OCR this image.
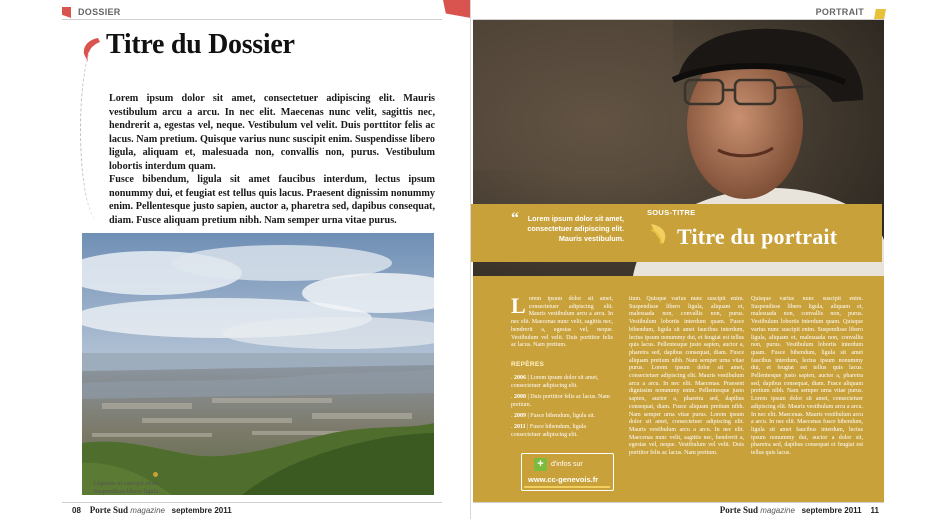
DOSSIER
Titre du Dossier

Lorem ipsum dolor sit amet, consectetuer adipiscing elit. Mauris vestibulum arcu a arcu. In nec elit. Maecenas nunc velit, sagittis nec, hendrerit a, egestas vel, neque. Vestibulum vel velit. Duis porttitor felis ac lacus. Nam pretium. Quisque varius nunc suscipit enim. Suspendisse libero ligula, aliquam et, malesuada non, convallis non, purus. Vestibulum lobortis interdum quam.

Fusce bibendum, ligula sit amet faucibus interdum, lectus ipsum nonummy dui, et feugiat est tellus quis lacus. Praesent dignissim nonummy enim. Pellentesque justo sapien, auctor a, pharetra sed, dapibus consequat, diam. Fusce aliquam pretium nibh. Nam semper urna vitae purus.

Légende ut suscipit enim. Suspendisse libero ligula.
08 Porte Sud magazine septembre 2011
PORTRAIT
“	Lorem ipsum dolor sit amet, consectetuer adipiscing elit. Mauris vestibulum.
SOUS-TITRE
Titre du portrait
L orem ipsum dolor sit amet, consectetuer adipiscing elit. Mauris vestibulum arcu a arcu. In nec elit. Maecenas nunc velit, sagittis nec, hendrerit a, egestas vel, neque. Vestibulum vel velit. Duis porttitor felis ac lacus. Nam pretium.

REPÈRES
. 2006 | Lorem ipsum dolor sit amet, consectetuer adipiscing elit.
. 2008 | Duis porttitor felis ac lacus. Nam pretium.
. 2009 | Fusce bibendum, ligula sit.
. 2011 | Fusce bibendum, ligula consectetuer adipiscing elit.
+	d'infos sur
www.cc-genevois.fr

tium. Quisque varius nunc suscipit enim. Suspendisse libero ligula, aliquam et, malesuada non, convallis non, purus. Vestibulum lobortis interdum quam. Fusce bibendum, ligula sit amet faucibus interdum, lectus ipsum nonummy dui, et feugiat est tellus quis lacus. Pellentesque justo sapien, auctor a, pharetra sed, dapibus consequat, diam. Fusce aliquam pretium nibh. Nam semper urna vitae purus. Lorem ipsum dolor sit amet, consectetuer adipiscing elit. Mauris vestibulum arcu a arcu. In nec elit. Maecenas. Praesent dignissim nonummy enim. Pellentesque justo sapien, auctor a, pharetra sed, dapibus consequat, diam. Fusce aliquam pretium nibh. Nam semper urna vitae purus. Lorem ipsum dolor sit amet, consectetuer adipiscing elit. Mauris vestibulum arcu a arcu. In nec elit. Maecenas nunc velit, sagittis nec, hendrerit a, egestas vel, neque. Vestibulum vel velit. Duis porttitor felis ac lacus. Nam pretium.

Quisque varius nunc suscipit enim. Suspendisse libero ligula, aliquam et, malesuada non, convallis non, purus. Vestibulum lobortis interdum quam. Quisque varius nunc suscipit enim. Suspendisse libero ligula, aliquam et, malesuada non, convallis non, purus. Vestibulum lobortis interdum quam. Fusce bibendum, ligula sit amet faucibus interdum, lectus ipsum nonummy dui, et feugiat est tellus quis lacus. Pellentesque justo sapien, auctor a, pharetra sed, dapibus consequat, diam. Fusce aliquam pretium nibh. Nam semper urna vitae purus. Lorem ipsum dolor sit amet, consectetuer adipiscing elit. Mauris vestibulum arcu a arcu. In nec elit. Maecenas. Mauris vestibulum arcu a arcu. In nec elit. Maecenas fusce bibendum, ligula sit amet faucibus interdum, lectus ipsum nonummy dui, auctor a dolor sit, pharetra sed, dapibus consequat et feugiat est tellus quis lacus.

Porte Sud magazine septembre 2011 11
